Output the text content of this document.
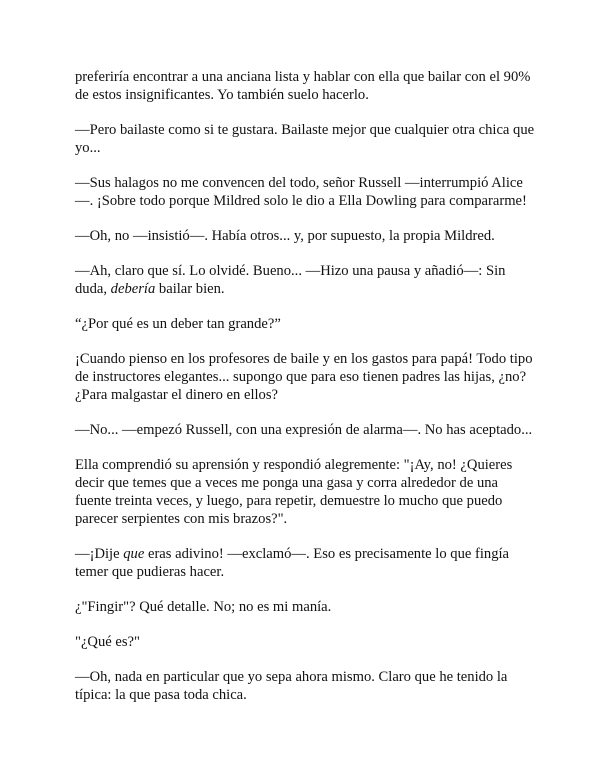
preferiría encontrar a una anciana lista y hablar con ella que bailar con el 90% de estos insignificantes. Yo también suelo hacerlo.

—Pero bailaste como si te gustara. Bailaste mejor que cualquier otra chica que yo...

—Sus halagos no me convencen del todo, señor Russell —interrumpió Alice—. ¡Sobre todo porque Mildred solo le dio a Ella Dowling para compararme!

—Oh, no —insistió—. Había otros... y, por supuesto, la propia Mildred.

—Ah, claro que sí. Lo olvidé. Bueno... —Hizo una pausa y añadió—: Sin duda, debería bailar bien.

“¿Por qué es un deber tan grande?”

¡Cuando pienso en los profesores de baile y en los gastos para papá! Todo tipo de instructores elegantes... supongo que para eso tienen padres las hijas, ¿no? ¿Para malgastar el dinero en ellos?

—No... —empezó Russell, con una expresión de alarma—. No has aceptado...

Ella comprendió su aprensión y respondió alegremente: "¡Ay, no! ¿Quieres decir que temes que a veces me ponga una gasa y corra alrededor de una fuente treinta veces, y luego, para repetir, demuestre lo mucho que puedo parecer serpientes con mis brazos?".

—¡Dije que eras adivino! —exclamó—. Eso es precisamente lo que fingía temer que pudieras hacer.

¿"Fingir"? Qué detalle. No; no es mi manía.

"¿Qué es?"

—Oh, nada en particular que yo sepa ahora mismo. Claro que he tenido la típica: la que pasa toda chica.
